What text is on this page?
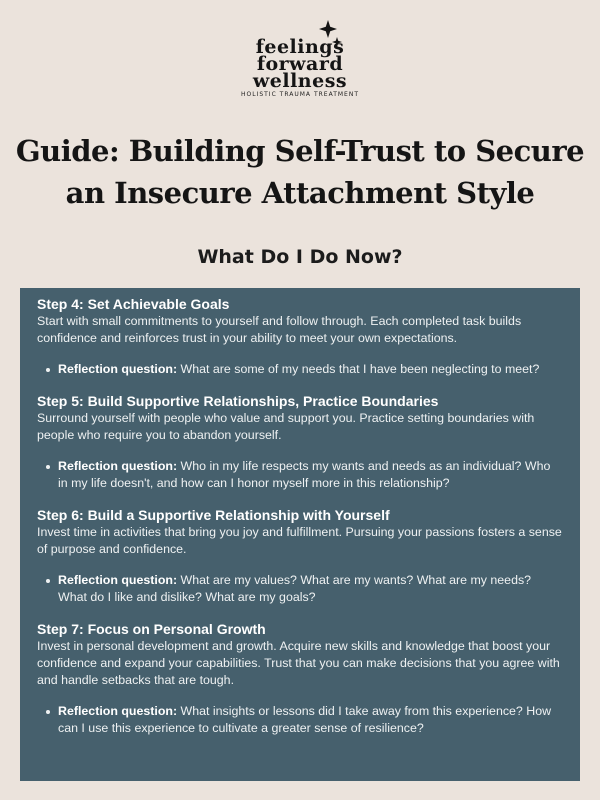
feelings
forward
wellness
HOLISTIC TRAUMA TREATMENT
Guide: Building Self-Trust to Secure an Insecure Attachment Style
What Do I Do Now?

Step 4: Set Achievable Goals

Start with small commitments to yourself and follow through. Each completed task builds confidence and reinforces trust in your ability to meet your own expectations.

Reflection question: What are some of my needs that I have been neglecting to meet?

Step 5: Build Supportive Relationships, Practice Boundaries

Surround yourself with people who value and support you. Practice setting boundaries with people who require you to abandon yourself.

Reflection question: Who in my life respects my wants and needs as an individual? Who in my life doesn't, and how can I honor myself more in this relationship?

Step 6: Build a Supportive Relationship with Yourself

Invest time in activities that bring you joy and fulfillment. Pursuing your passions fosters a sense of purpose and confidence.

Reflection question: What are my values? What are my wants? What are my needs? What do I like and dislike? What are my goals?

Step 7: Focus on Personal Growth

Invest in personal development and growth. Acquire new skills and knowledge that boost your confidence and expand your capabilities. Trust that you can make decisions that you agree with and handle setbacks that are tough.

Reflection question: What insights or lessons did I take away from this experience? How can I use this experience to cultivate a greater sense of resilience?
